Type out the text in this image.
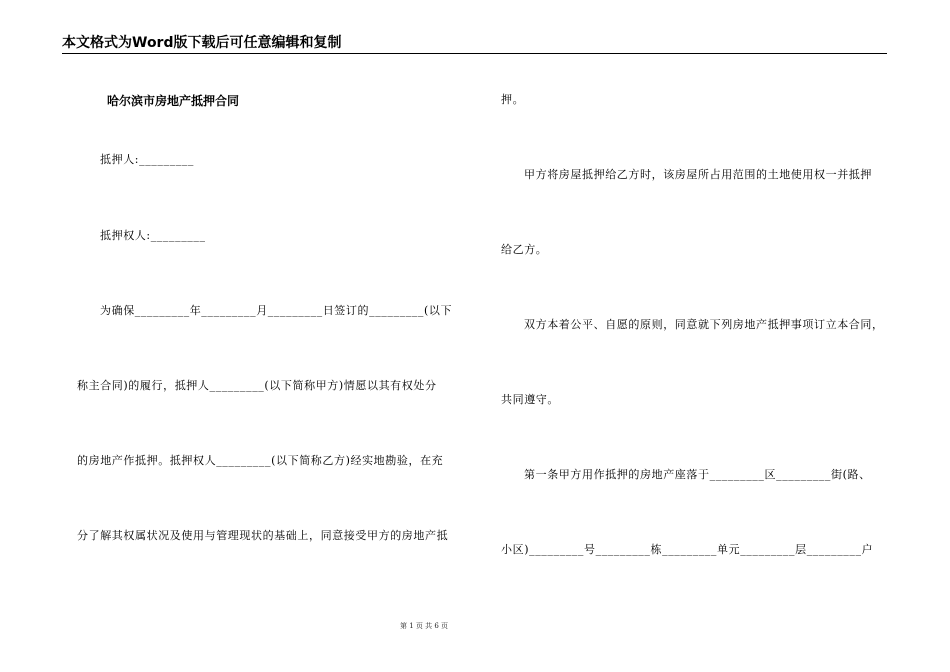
本文格式为Word版下载后可任意编辑和复制
哈尔滨市房地产抵押合同
抵押人:_________
抵押权人:_________
为确保_________年_________月_________日签订的_________(以下
称主合同)的履行，抵押人_________(以下简称甲方)情愿以其有权处分
的房地产作抵押。抵押权人_________(以下简称乙方)经实地勘验，在充
分了解其权属状况及使用与管理现状的基础上，同意接受甲方的房地产抵
押。
甲方将房屋抵押给乙方时，该房屋所占用范围的土地使用权一并抵押
给乙方。
双方本着公平、自愿的原则，同意就下列房地产抵押事项订立本合同，
共同遵守。
第一条甲方用作抵押的房地产座落于_________区_________街(路、
小区)_________号_________栋_________单元_________层_________户
第 1 页 共 6 页
